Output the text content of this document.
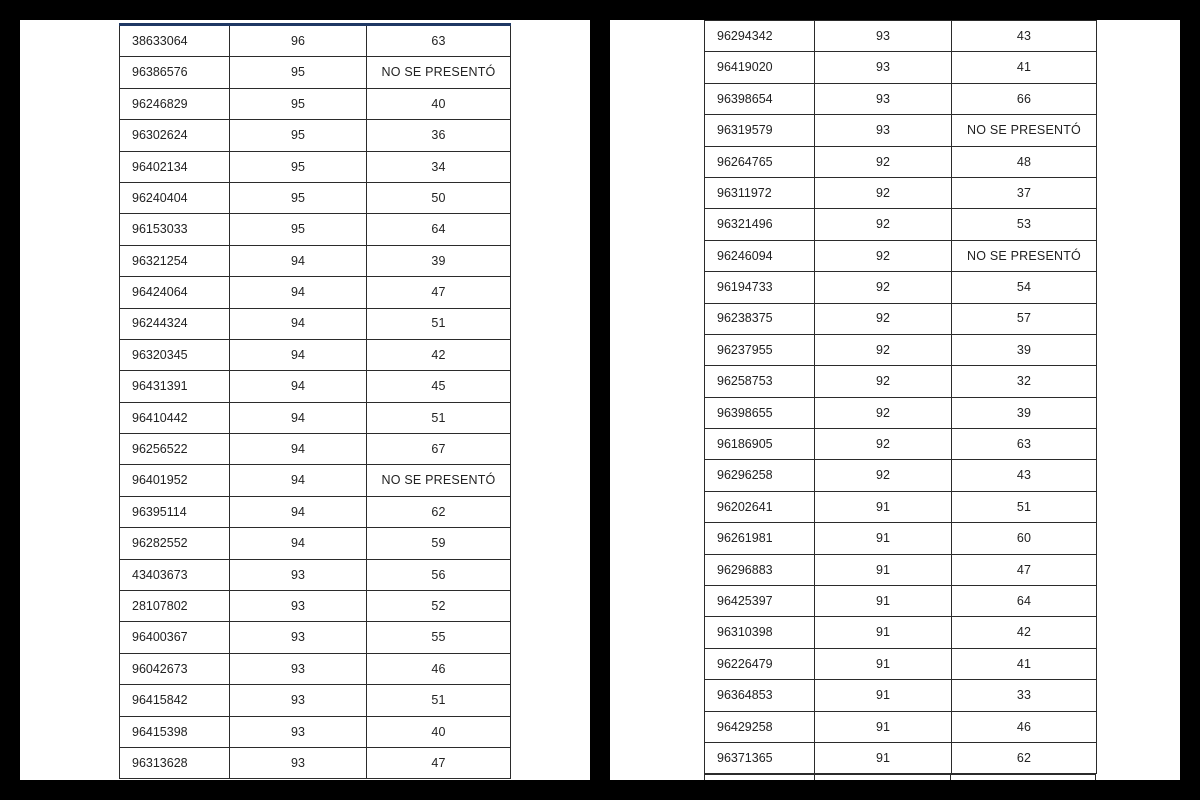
38633064	96	63
96386576	95	NO SE PRESENTÓ
96246829	95	40
96302624	95	36
96402134	95	34
96240404	95	50
96153033	95	64
96321254	94	39
96424064	94	47
96244324	94	51
96320345	94	42
96431391	94	45
96410442	94	51
96256522	94	67
96401952	94	NO SE PRESENTÓ
96395114	94	62
96282552	94	59
43403673	93	56
28107802	93	52
96400367	93	55
96042673	93	46
96415842	93	51
96415398	93	40
96313628	93	47
96294342	93	43
96419020	93	41
96398654	93	66
96319579	93	NO SE PRESENTÓ
96264765	92	48
96311972	92	37
96321496	92	53
96246094	92	NO SE PRESENTÓ
96194733	92	54
96238375	92	57
96237955	92	39
96258753	92	32
96398655	92	39
96186905	92	63
96296258	92	43
96202641	91	51
96261981	91	60
96296883	91	47
96425397	91	64
96310398	91	42
96226479	91	41
96364853	91	33
96429258	91	46
96371365	91	62
